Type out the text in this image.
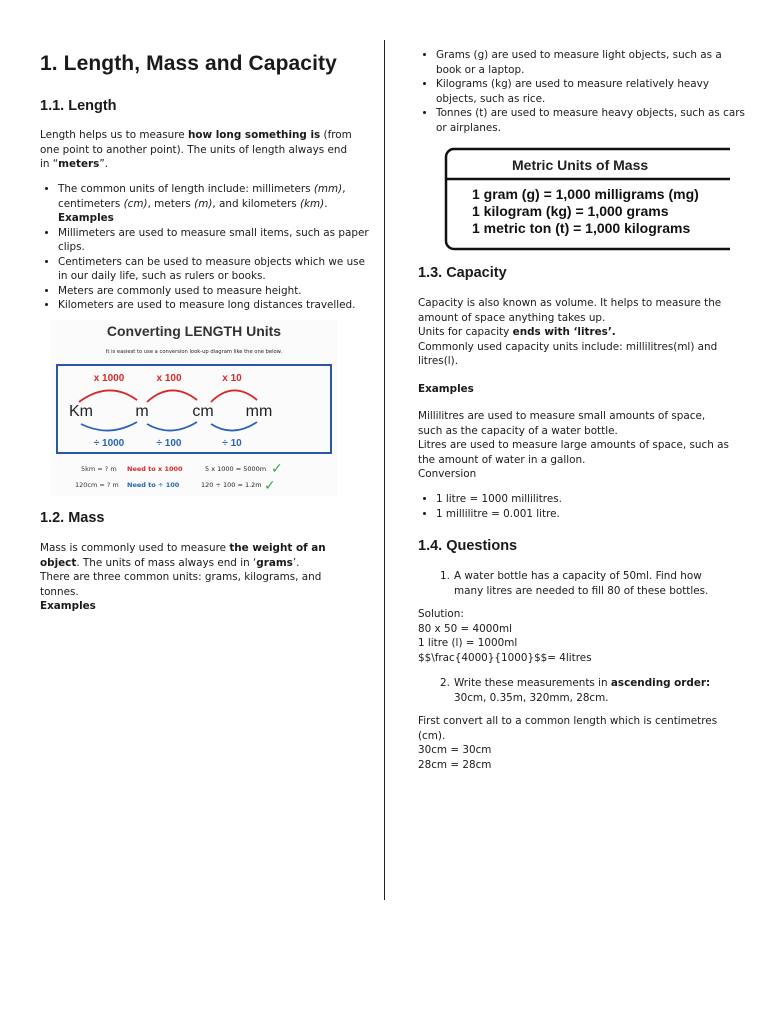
1. Length, Mass and Capacity
1.1. Length

Length helps us to measure how long something is (from one point to another point). The units of length always end in “meters”.

• The common units of length include: millimeters (mm), centimeters (cm), meters (m), and kilometers (km).
Examples
• Millimeters are used to measure small items, such as paper clips.
• Centimeters can be used to measure objects which we use in our daily life, such as rulers or books.
• Meters are commonly used to measure height.
• Kilometers are used to measure long distances travelled.
1.2. Mass

Mass is commonly used to measure the weight of an object. The units of mass always end in ‘grams’.
There are three common units: grams, kilograms, and tonnes.
Examples

Converting LENGTH Units
It is easiest to use a conversion look-up diagram like the one below.
x 1000	x 100	x 10
Km	m	cm mm
÷ 1000	÷ 100	÷ 10
5km = ? m Need to x 1000	5 x 1000 = 5000m ✓
120cm = ? m Need to ÷ 100	120 ÷ 100 = 1.2m ✓
• Grams (g) are used to measure light objects, such as a book or a laptop.
• Kilograms (kg) are used to measure relatively heavy objects, such as rice.
• Tonnes (t) are used to measure heavy objects, such as cars or airplanes.
1.3. Capacity

Capacity is also known as volume. It helps to measure the amount of space anything takes up.
Units for capacity ends with ‘litres’.
Commonly used capacity units include: millilitres(ml) and litres(l).

Examples

Millilitres are used to measure small amounts of space, such as the capacity of a water bottle.
Litres are used to measure large amounts of space, such as the amount of water in a gallon.
Conversion

• 1 litre = 1000 millilitres.
• 1 millilitre = 0.001 litre.
1.4. Questions
1. A water bottle has a capacity of 50ml. Find how many litres are needed to fill 80 of these bottles.

Solution:
80 x 50 = 4000ml
1 litre (l) = 1000ml
$$\frac{4000}{1000}$$= 4litres

2. Write these measurements in ascending order:
30cm, 0.35m, 320mm, 28cm.

First convert all to a common length which is centimetres (cm).
30cm = 30cm
28cm = 28cm

Metric Units of Mass
1 gram (g) = 1,000 milligrams (mg)
1 kilogram (kg) = 1,000 grams
1 metric ton (t) = 1,000 kilograms
